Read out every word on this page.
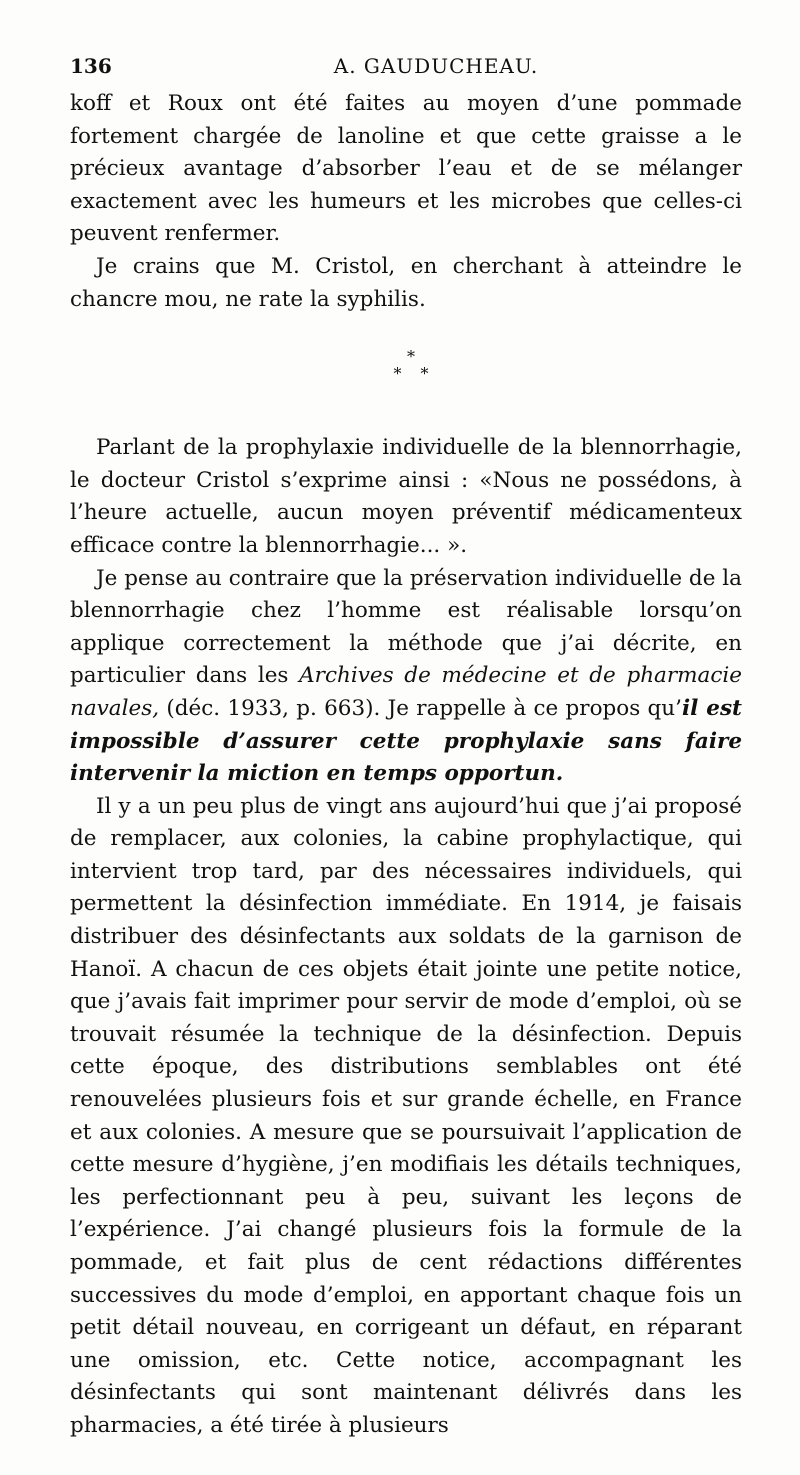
136	A. GAUDUCHEAU.

koff et Roux ont été faites au moyen d’une pommade fortement chargée de lanoline et que cette graisse a le précieux avantage d’absorber l’eau et de se mélanger exactement avec les humeurs et les microbes que celles-ci peuvent renfermer.

Je crains que M. Cristol, en cherchant à atteindre le chancre mou, ne rate la syphilis.

*
* *

Parlant de la prophylaxie individuelle de la blennorrhagie, le docteur Cristol s’exprime ainsi : «Nous ne possédons, à l’heure actuelle, aucun moyen préventif médicamenteux efficace contre la blennorrhagie... ».

Je pense au contraire que la préservation individuelle de la blennorrhagie chez l’homme est réalisable lorsqu’on applique correctement la méthode que j’ai décrite, en particulier dans les Archives de médecine et de pharmacie navales, (déc. 1933, p. 663). Je rappelle à ce propos qu’il est impossible d’assurer cette prophylaxie sans faire intervenir la miction en temps opportun.

Il y a un peu plus de vingt ans aujourd’hui que j’ai proposé de remplacer, aux colonies, la cabine prophylactique, qui intervient trop tard, par des nécessaires individuels, qui permettent la désinfection immédiate. En 1914, je faisais distribuer des désinfectants aux soldats de la garnison de Hanoï. A chacun de ces objets était jointe une petite notice, que j’avais fait imprimer pour servir de mode d’emploi, où se trouvait résumée la technique de la désinfection. Depuis cette époque, des distributions semblables ont été renouvelées plusieurs fois et sur grande échelle, en France et aux colonies. A mesure que se poursuivait l’application de cette mesure d’hygiène, j’en modifiais les détails techniques, les perfectionnant peu à peu, suivant les leçons de l’expérience. J’ai changé plusieurs fois la formule de la pommade, et fait plus de cent rédactions différentes successives du mode d’emploi, en apportant chaque fois un petit détail nouveau, en corrigeant un défaut, en réparant une omission, etc. Cette notice, accompagnant les désinfectants qui sont maintenant délivrés dans les pharmacies, a été tirée à plusieurs
